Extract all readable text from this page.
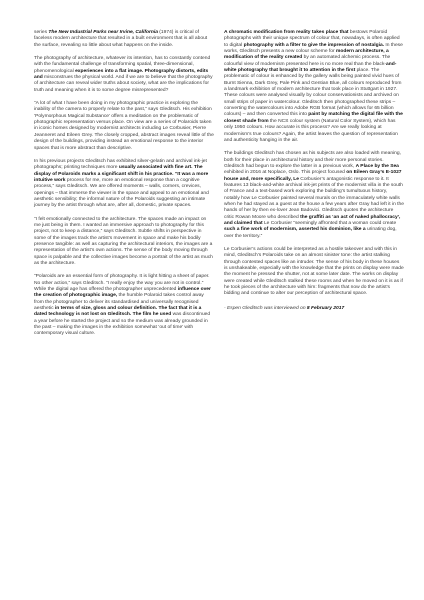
series The New Industrial Parks near Irvine, California (1974) is critical of faceless modern architecture that resulted in a built environment that is all about the surface, revealing so little about what happens on the inside.

The photography of architecture, whatever its intention, has to constantly contend with the fundamental challenge of transforming spatial, three-dimensional, phenomenological experiences into a flat image. Photography distorts, edits and misconstrues the physical world. And if we are to believe that the photography of architecture can reveal wider truths about society, what are the implications for truth and meaning when it is to some degree misrepresented?

“A lot of what I have been doing in my photographic practice is exploring the inability of the camera to properly relate to the past,” says Gleditsch. His exhibition ‘Polymorphous Magical Substance’ offers a meditation on the problematic of photographic representation versus place. On view are a series of Polaroids taken in iconic homes designed by modernist architects including Le Corbusier, Pierre Jeanneret and Eileen Grey. The closely cropped, abstract images reveal little of the design of the buildings, providing instead an emotional response to the interior spaces that is more abstract than descriptive.

In his previous projects Gleditsch has exhibited silver-gelatin and archival ink-jet photographs; printing techniques more usually associated with fine art. The display of Polaroids marks a significant shift in his practice. “It was a more intuitive work process for me, more an emotional response than a cognitive process,” says Gleditsch. We are offered moments – walls, corners, crevices, openings – that immerse the viewer in the space and appeal to an emotional and aesthetic sensibility; the informal nature of the Polaroids suggesting an intimate journey by the artist through what are, after all, domestic, private spaces.

“I felt emotionally connected to the architecture. The spaces made an impact on me just being in them. I wanted an immersive approach to photography for this project, not to keep a distance,” says Gleditsch. Subtle shifts in perspective in some of the images track the artist’s movement in space and make his bodily presence tangible: as well as capturing the architectural interiors, the images are a representation of the artist’s own actions. The sense of the body moving through space is palpable and the collective images become a portrait of the artist as much as the architecture.

“Polaroids are an essential form of photography. It is light hitting a sheet of paper. No other action,” says Gleditsch. “I really enjoy the way you are not in control.” While the digital age has offered the photographer unprecedented influence over the creation of photographic image, the humble Polaroid takes control away from the photographer to deliver its standardised and universally recognised aesthetic in terms of size, gloss and colour definition. The fact that it is a dated technology is not lost on Gleditsch. The film he used was discontinued a year before he started the project and so the medium was already grounded in the past – making the images in the exhibition somewhat ‘out of time’ with contemporary visual culture.

A chromatic modification from reality takes place that bestows Polaroid photographs with their unique spectrum of colour that, nowadays, is often applied to digital photography with a filter to give the impression of nostalgia. In these works, Gleditsch presents a new colour scheme for modern architecture, a modification of the reality created by an automated alchemic process. The colourful view of modernism presented here is no more real than the black-and-white photography that brought it to attention in the first place. The problematic of colour is enhanced by the gallery walls being painted vivid hues of Burnt Sienna, Dark Grey, Pale Pink and Gentian Blue, all colours reproduced from a landmark exhibition of modern architecture that took place in Stuttgart in 1927. These colours were analysed visually by colour conservationists and archived on small strips of paper in watercolour. Gleditsch then photographed these strips – converting the watercolours into Adobe RGB format (which allows for 65 billion colours) – and then converted this into paint by matching the digital file with the closest shade from the NCS colour system (Natural Color System), which has only 1950 colours. How accurate is this process? Are we really looking at modernism’s true colours? Again, the artist leaves the question of representation and authenticity hanging in the air.

The buildings Gleditsch has chosen as his subjects are also loaded with meaning, both for their place in architectural history and their more personal stories. Gleditsch had begun to explore the latter in a previous work, A Place by the Sea exhibited in 2016 at Noplace, Oslo. This project focused on Eileen Gray’s E-1027 house and, more specifically, Le Corbusier’s antagonistic response to it. It features 13 black-and-white archival ink-jet prints of the modernist villa in the south of France and a text-based work exploring the building’s tumultuous history, notably how Le Corbusier painted several murals on the immaculately white walls when he had stayed as a guest at the house a few years after Gray had left it in the hands of her by then ex-lover Jean Badovici. Gleditsch quotes the architecture critic Rowan Moore who described the graffiti as ‘an act of naked phallocracy’, and claimed that Le Corbusier “seemingly affronted that a woman could create such a fine work of modernism, asserted his dominion, like a urinating dog, over the territory.”

Le Corbusier’s actions could be interpreted as a hostile takeover and with this in mind, Gleditsch’s Polaroids take on an almost sinister tone: the artist stalking through contested spaces like an intruder. The sense of his body in these houses is unshakeable, especially with the knowledge that the prints on display were made the moment he pressed the shutter, not at some later date. The works on display were created while Gleditsch stalked these rooms and when he moved on it is as if he took pieces of the architecture with him: fragments that now do the artist’s bidding and continue to alter our perception of architectural space.

- Espen Gleditsch was interviewed on 8 February 2017
